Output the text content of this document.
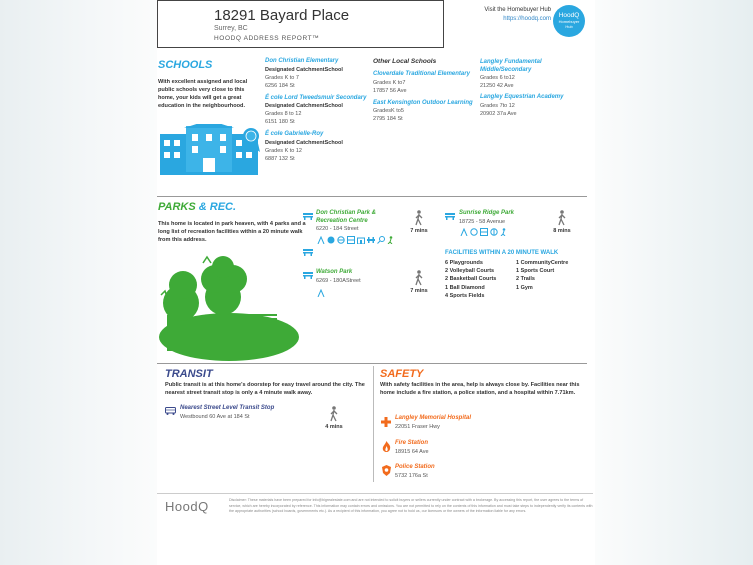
18291 Bayard Place
Surrey, BC
HOODQ ADDRESS REPORT™
Visit the Homebuyer Hub
https://hoodq.com	HoodQ
Homebuyer
Hub
SCHOOLS
With excellent assigned and local public schools very close to this home, your kids will get a great education in the neighbourhood.
Don Christian Elementary
Designated CatchmentSchool
Grades K to 7
6256 184 St
É cole Lord Tweedsmuir Secondary
Designated CatchmentSchool
Grades 8 to 12
6151 180 St
É cole Gabrielle-Roy
Designated CatchmentSchool
Grades K to 12
6887 132 St
Other Local Schools
Cloverdale Traditional Elementary
Grades K to7
17857 56 Ave
East Kensington Outdoor Learning
GradesK to5
2795 184 St
Langley Fundamental Middle/Secondary
Grades 6 to12
21250 42 Ave
Langley Equestrian Academy
Grades 7to 12
20902 37a Ave
PARKS & REC.
This home is located in park heaven, with 4 parks and a long list of recreation facilities within a 20 minute walk from this address.
Don Christian Park & Recreation Centre
6220 - 184 Street	7 mins
Watson Park
6269 - 180AStreet
7 mins
Sunrise Ridge Park
18725 - 58 Avenue
8 mins
FACILITIES WITHIN A 20 MINUTE WALK
6 Playgrounds
2 Volleyball Courts
2 Basketball Courts
1 Ball Diamond
4 Sports Fields
1 CommunityCentre
1 Sports Court
2 Trails
1 Gym
TRANSIT
Public transit is at this home's doorstep for easy travel around the city. The nearest street transit stop is only a 4 minute walk away.
Nearest Street Level Transit Stop
Westbound 60 Ave at 184 St
4 mins
SAFETY
With safety facilities in the area, help is always close by. Facilities near this home include a fire station, a police station, and a hospital within 7.71km.
Langley Memorial Hospital
22051 Fraser Hwy
Fire Station
18915 64 Ave
Police Station
5732 176a St
HoodQ	Disclaimer: These materials have been prepared for info@bigrealestate.com and are not intended to solicit buyers or sellers currently under contract with a brokerage. By accessing this report, the user agrees to the terms of service, which are hereby incorporated by reference. This information may contain errors and omissions. You are not permitted to rely on the contents of this information and must take steps to independently verify its contents with the appropriate authorities (school boards, governments etc.). As a recipient of this information, you agree not to hold us, our licensors or the owners of the information liable for any errors.
